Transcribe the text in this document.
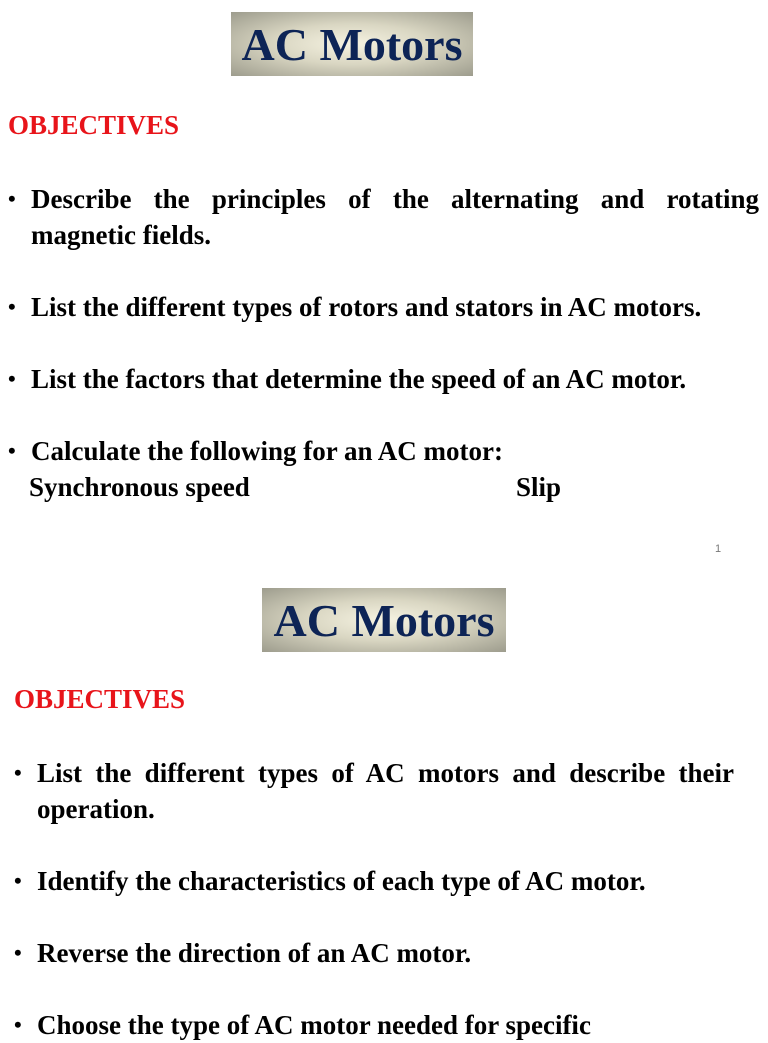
AC Motors
OBJECTIVES
• Describe the principles of the alternating and rotating magnetic fields.
• List the different types of rotors and stators in AC motors.
• List the factors that determine the speed of an AC motor.
• Calculate the following for an AC motor:
Synchronous speed	Slip
1
AC Motors
OBJECTIVES
• List the different types of AC motors and describe their operation.
• Identify the characteristics of each type of AC motor.
• Reverse the direction of an AC motor.
• Choose the type of AC motor needed for specific
